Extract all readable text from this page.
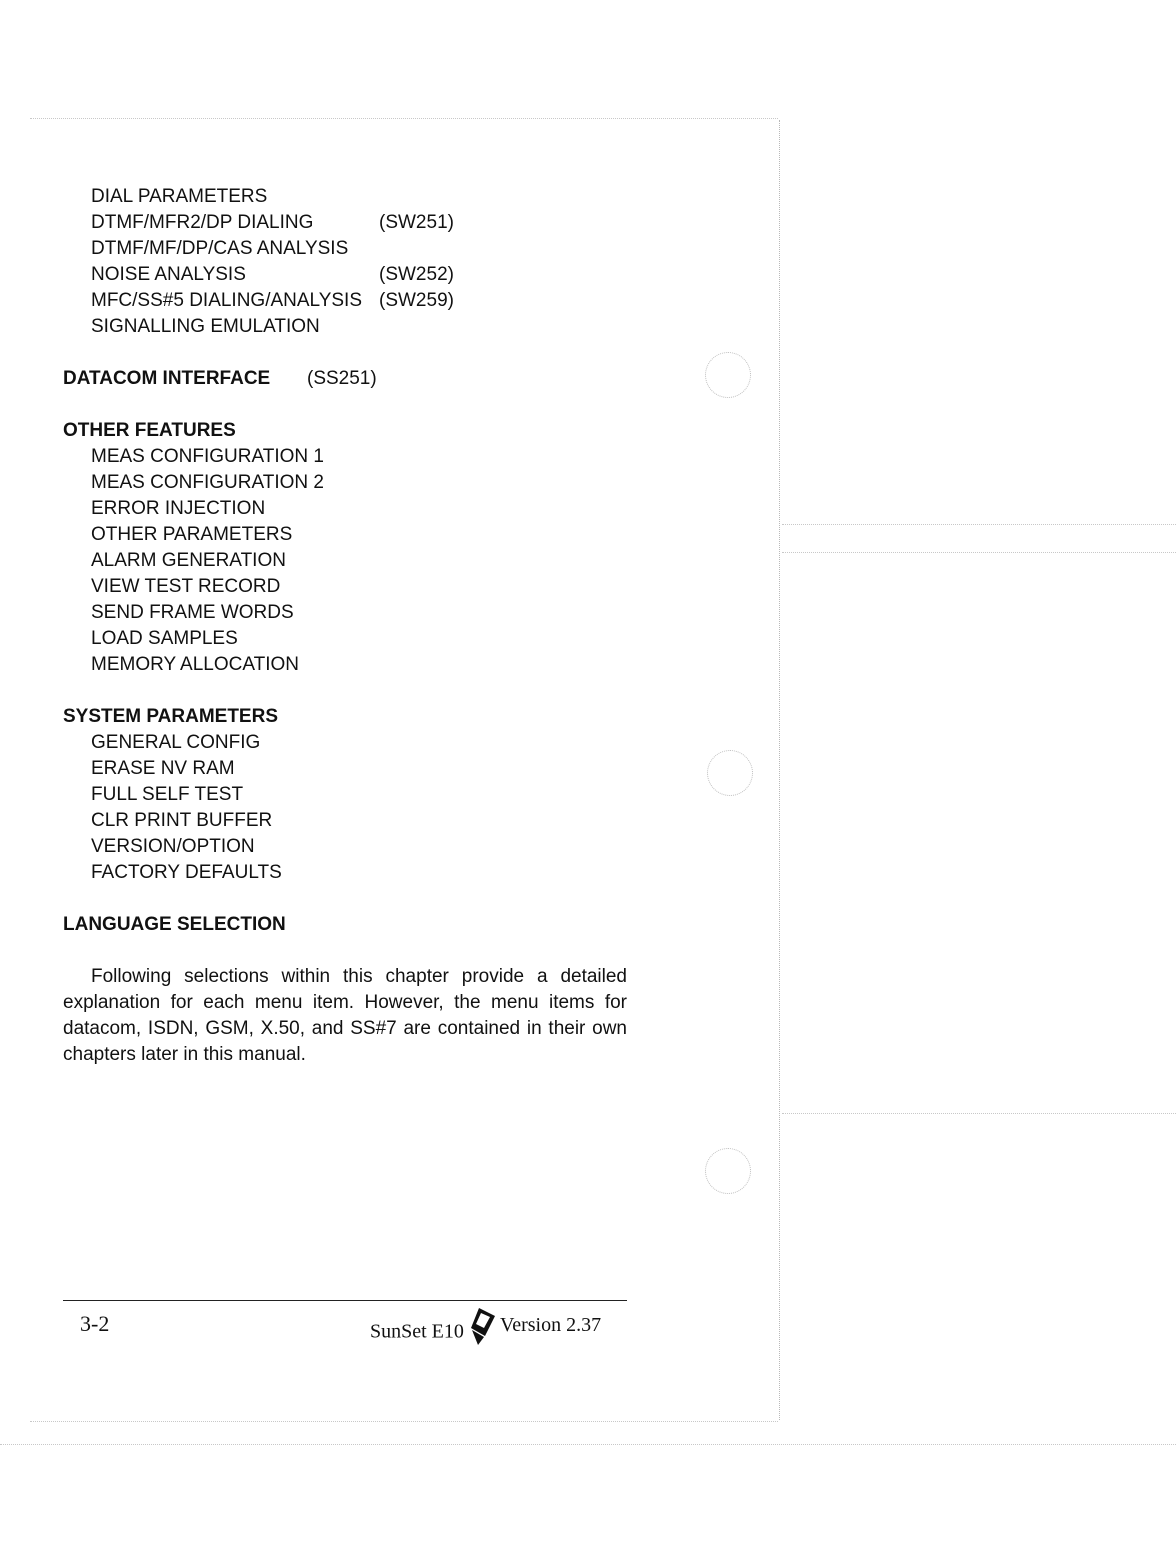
DIAL PARAMETERS
DTMF/MFR2/DP DIALING	(SW251)
DTMF/MF/DP/CAS ANALYSIS
NOISE ANALYSIS	(SW252)
MFC/SS#5 DIALING/ANALYSIS (SW259)
SIGNALLING EMULATION
DATACOM INTERFACE (SS251)
OTHER FEATURES
MEAS CONFIGURATION 1
MEAS CONFIGURATION 2
ERROR INJECTION
OTHER PARAMETERS
ALARM GENERATION
VIEW TEST RECORD
SEND FRAME WORDS
LOAD SAMPLES
MEMORY ALLOCATION
SYSTEM PARAMETERS
GENERAL CONFIG
ERASE NV RAM
FULL SELF TEST
CLR PRINT BUFFER
VERSION/OPTION
FACTORY DEFAULTS
LANGUAGE SELECTION
Following selections within this chapter provide a detailed explanation for each menu item. However, the menu items for datacom, ISDN, GSM, X.50, and SS#7 are contained in their own chapters later in this manual.
3-2	SunSet E10	Version 2.37
